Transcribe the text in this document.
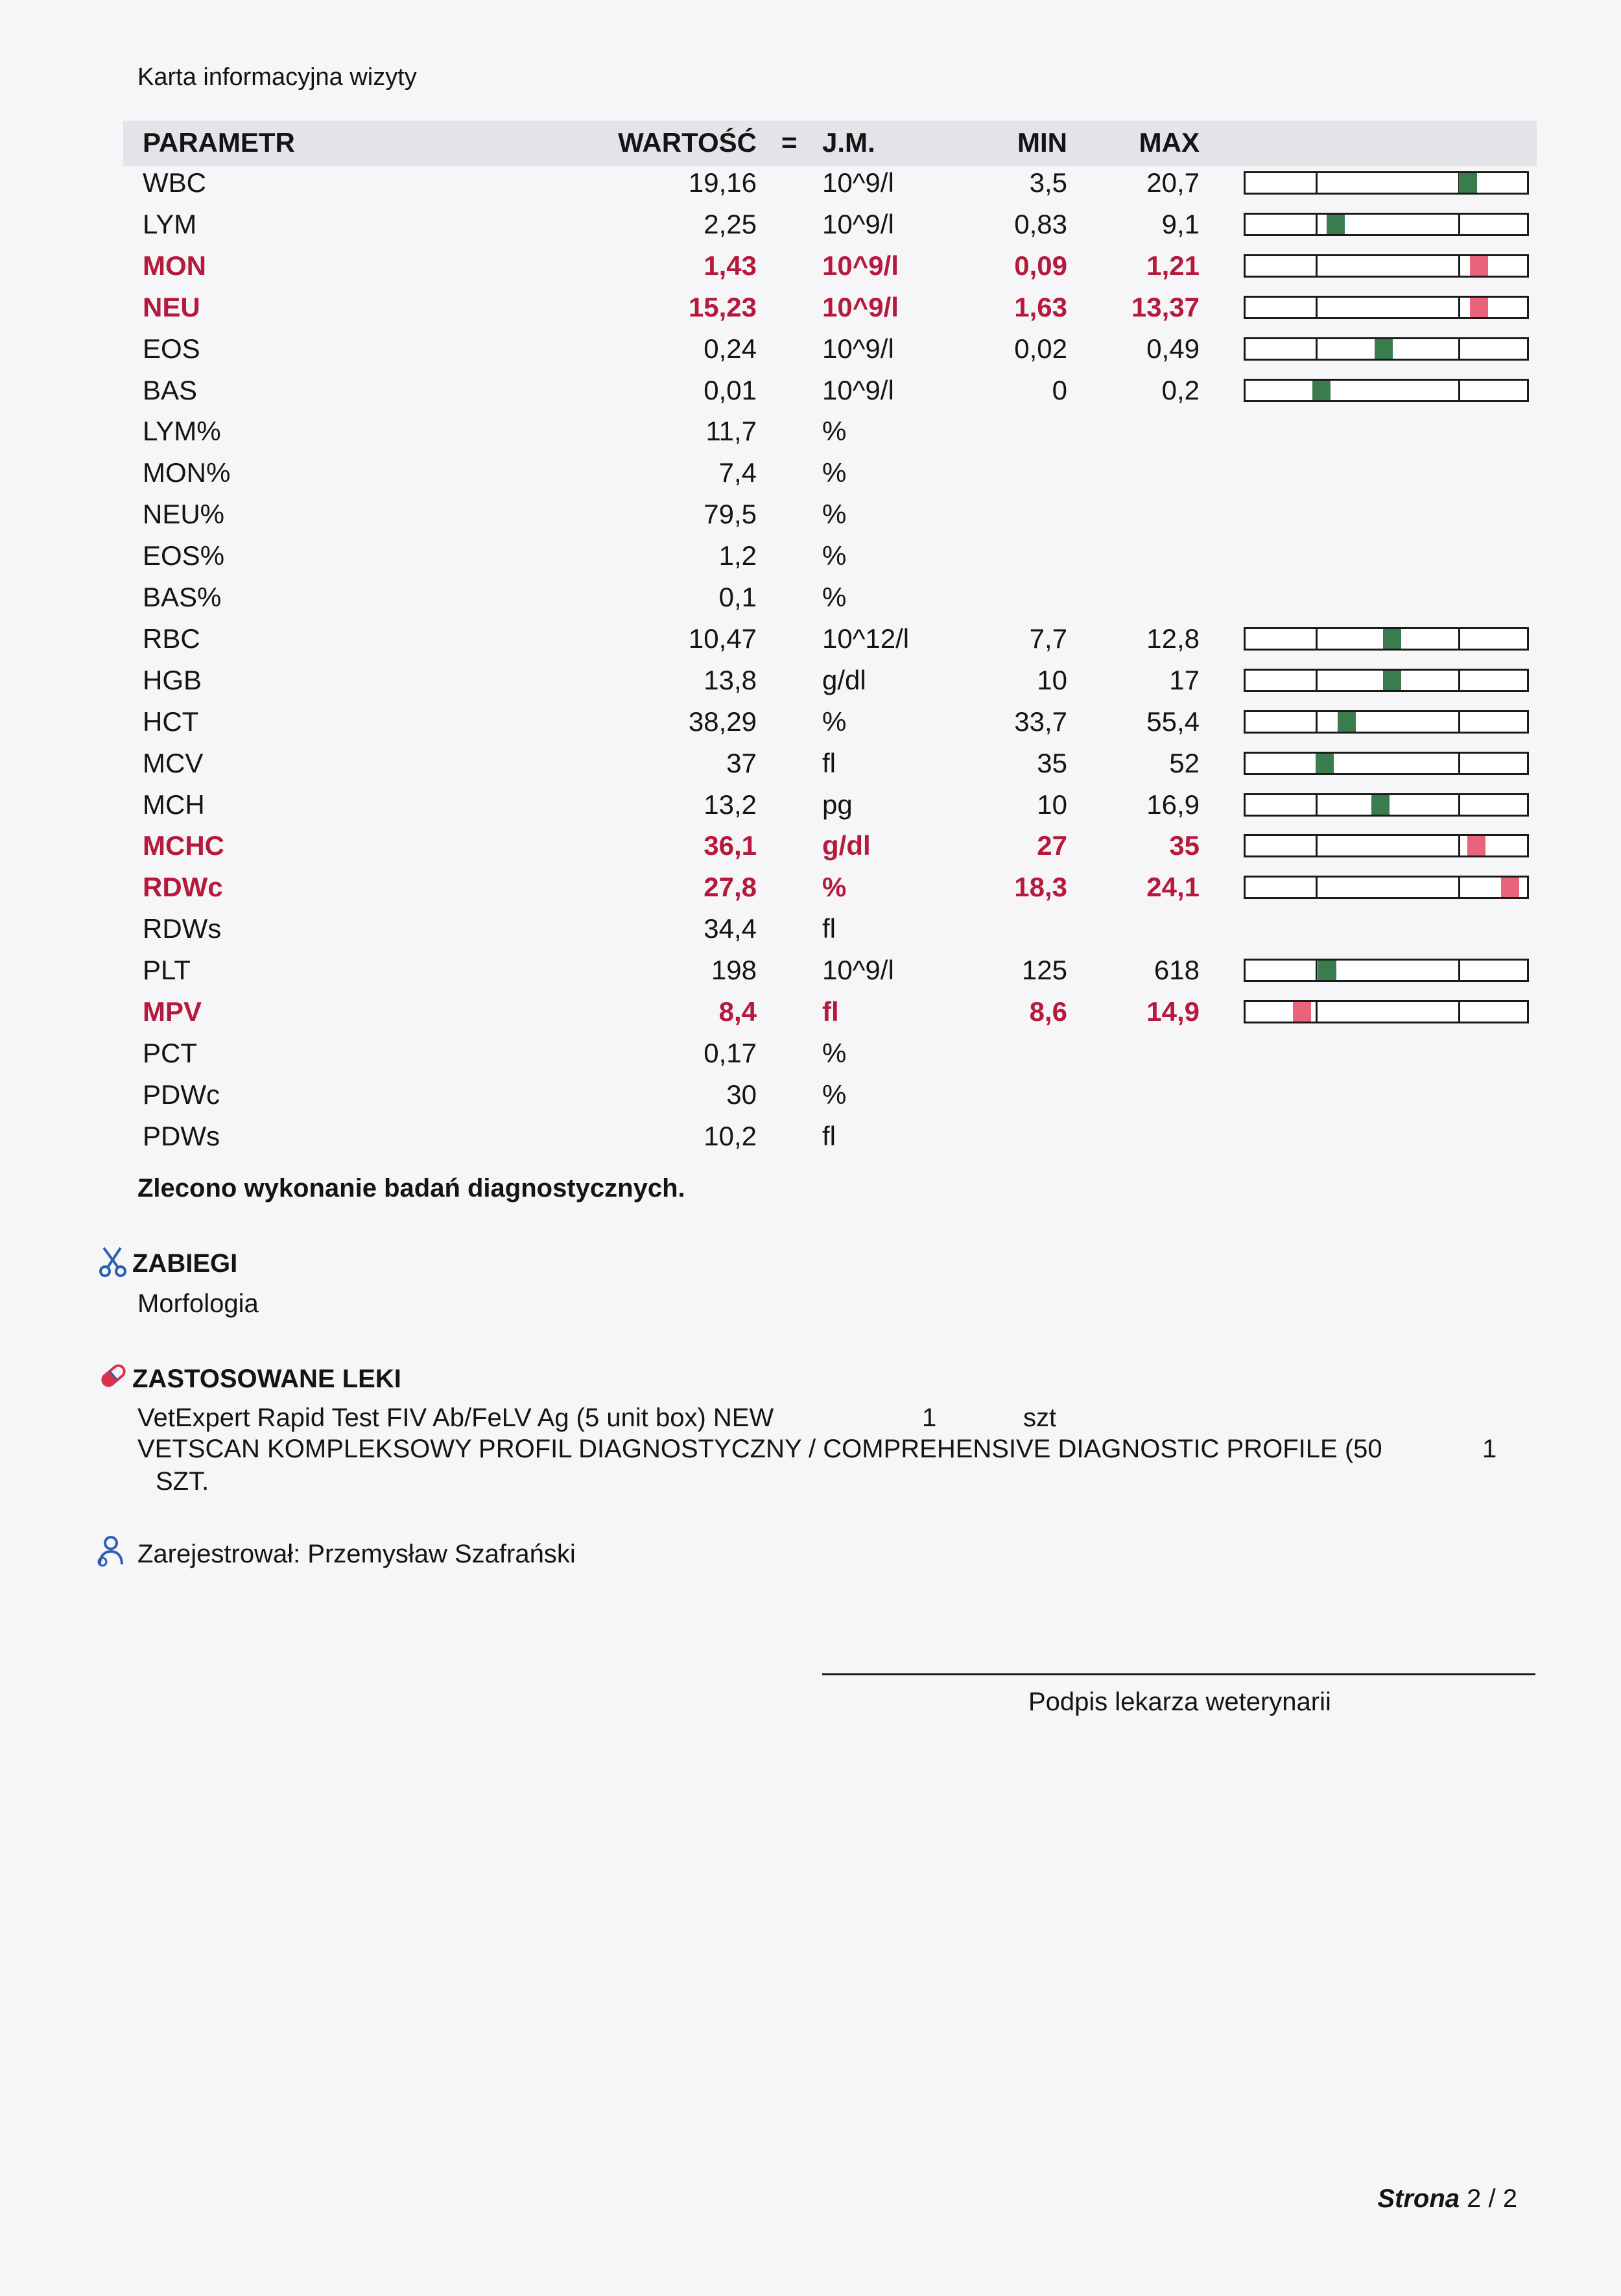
Karta informacyjna wizyty
PARAMETR	WARTOŚĆ = J.M.	MIN	MAX
WBC	19,16 10^9/l	3,5	20,7
LYM	2,25 10^9/l	0,83	9,1
MON	1,43 10^9/l	0,09	1,21
NEU	15,23 10^9/l	1,63 13,37
EOS	0,24 10^9/l	0,02	0,49
BAS	0,01 10^9/l	0	0,2
LYM%	11,7 %
MON%	7,4 %
NEU%	79,5 %
EOS%	1,2 %
BAS%	0,1 %
RBC	10,47 10^12/l	7,7	12,8
HGB	13,8 g/dl	10	17
HCT	38,29 %	33,7	55,4
MCV	37 fl	35	52
MCH	13,2 pg	10	16,9
MCHC	36,1 g/dl	27	35
RDWc	27,8 %	18,3	24,1
RDWs	34,4 fl
PLT	198 10^9/l	125	618
MPV	8,4 fl	8,6	14,9
PCT	0,17 %
PDWc	30 %
PDWs	10,2 fl
Zlecono wykonanie badań diagnostycznych.
ZABIEGI
Morfologia
ZASTOSOWANE LEKI
VetExpert Rapid Test FIV Ab/FeLV Ag (5 unit box) NEW	1	szt
VETSCAN KOMPLEKSOWY PROFIL DIAGNOSTYCZNY / COMPREHENSIVE DIAGNOSTIC PROFILE (50	1
SZT.
Zarejestrował: Przemysław Szafrański
Podpis lekarza weterynarii
Strona 2 / 2
